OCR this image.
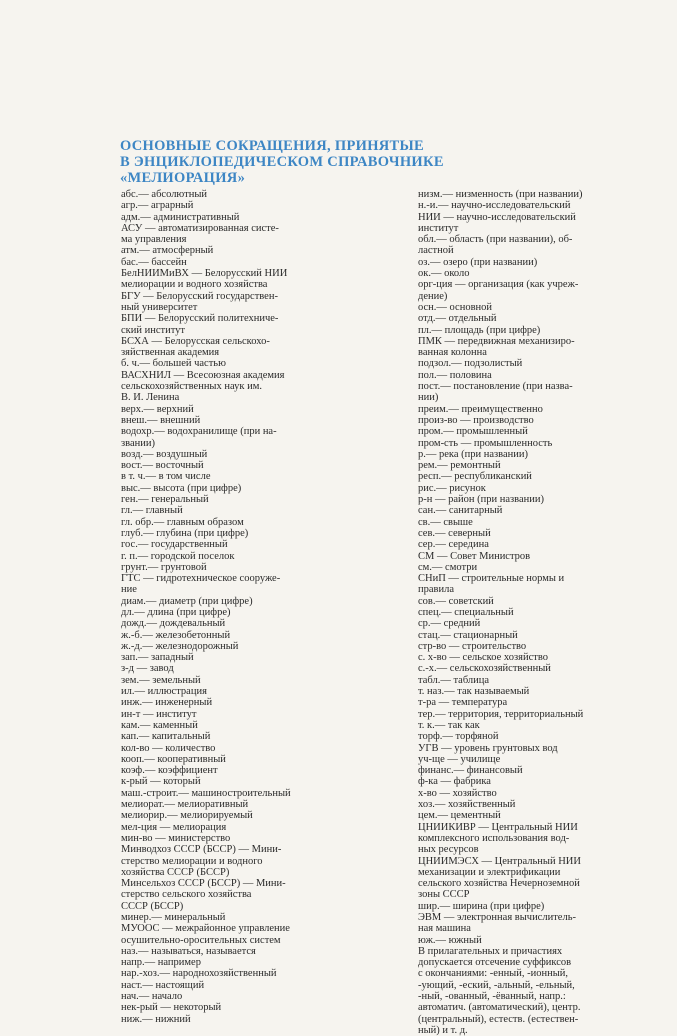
ОСНОВНЫЕ СОКРАЩЕНИЯ, ПРИНЯТЫЕ
В ЭНЦИКЛОПЕДИЧЕСКОМ СПРАВОЧНИКЕ
«МЕЛИОРАЦИЯ»
абс.— абсолютный
агр.— аграрный
адм.— административный
АСУ — автоматизированная систе-
ма управления
атм.— атмосферный
бас.— бассейн
БелНИИМиВХ — Белорусский НИИ
мелиорации и водного хозяйства
БГУ — Белорусский государствен-
ный университет
БПИ — Белорусский политехниче-
ский институт
БСХА — Белорусская сельскохо-
зяйственная академия
б. ч.— большей частью
ВАСХНИЛ — Всесоюзная академия
сельскохозяйственных наук им.
В. И. Ленина
верх.— верхний
внеш.— внешний
водохр.— водохранилище (при на-
звании)
возд.— воздушный
вост.— восточный
в т. ч.— в том числе
выс.— высота (при цифре)
ген.— генеральный
гл.— главный
гл. обр.— главным образом
глуб.— глубина (при цифре)
гос.— государственный
г. п.— городской поселок
грунт.— грунтовой
ГТС — гидротехническое сооруже-
ние
диам.— диаметр (при цифре)
дл.— длина (при цифре)
дожд.— дождевальный
ж.-б.— железобетонный
ж.-д.— железнодорожный
зап.— западный
з-д — завод
зем.— земельный
ил.— иллюстрация
инж.— инженерный
ин-т — институт
кам.— каменный
кап.— капитальный
кол-во — количество
кооп.— кооперативный
коэф.— коэффициент
к-рый — который
маш.-строит.— машиностроительный
мелиорат.— мелиоративный
мелиорир.— мелиорируемый
мел-ция — мелиорация
мин-во — министерство
Минводхоз СССР (БССР) — Мини-
стерство мелиорации и водного
хозяйства СССР (БССР)
Минсельхоз СССР (БССР) — Мини-
стерство сельского хозяйства
СССР (БССР)
минер.— минеральный
МУООС — межрайонное управление
осушительно-оросительных систем
наз.— называться, называется
напр.— например
нар.-хоз.— народнохозяйственный
наст.— настоящий
нач.— начало
нек-рый — некоторый
ниж.— нижний
низм.— низменность (при названии)
н.-и.— научно-исследовательский
НИИ — научно-исследовательский
институт
обл.— область (при названии), об-
ластной
оз.— озеро (при названии)
ок.— около
орг-ция — организация (как учреж-
дение)
осн.— основной
отд.— отдельный
пл.— площадь (при цифре)
ПМК — передвижная механизиро-
ванная колонна
подзол.— подзолистый
пол.— половина
пост.— постановление (при назва-
нии)
преим.— преимущественно
произ-во — производство
пром.— промышленный
пром-сть — промышленность
р.— река (при названии)
рем.— ремонтный
респ.— республиканский
рис.— рисунок
р-н — район (при названии)
сан.— санитарный
св.— свыше
сев.— северный
сер.— середина
СМ — Совет Министров
см.— смотри
СНиП — строительные нормы и
правила
сов.— советский
спец.— специальный
ср.— средний
стац.— стационарный
стр-во — строительство
с. х-во — сельское хозяйство
с.-х.— сельскохозяйственный
табл.— таблица
т. наз.— так называемый
т-ра — температура
тер.— территория, территориальный
т. к.— так как
торф.— торфяной
УГВ — уровень грунтовых вод
уч-ще — училище
финанс.— финансовый
ф-ка — фабрика
х-во — хозяйство
хоз.— хозяйственный
цем.— цементный
ЦНИИКИВР — Центральный НИИ
комплексного использования вод-
ных ресурсов
ЦНИИМЭСХ — Центральный НИИ
механизации и электрификации
сельского хозяйства Нечерноземной
зоны СССР
шир.— ширина (при цифре)
ЭВМ — электронная вычислитель-
ная машина
юж.— южный
В прилагательных и причастиях
допускается отсечение суффиксов
с окончаниями: -енный, -ионный,
-ующий, -еский, -альный, -ельный,
-ный, -ованный, -ёванный, напр.:
автоматич. (автоматический), центр.
(центральный), естеств. (естествен-
ный) и т. д.
